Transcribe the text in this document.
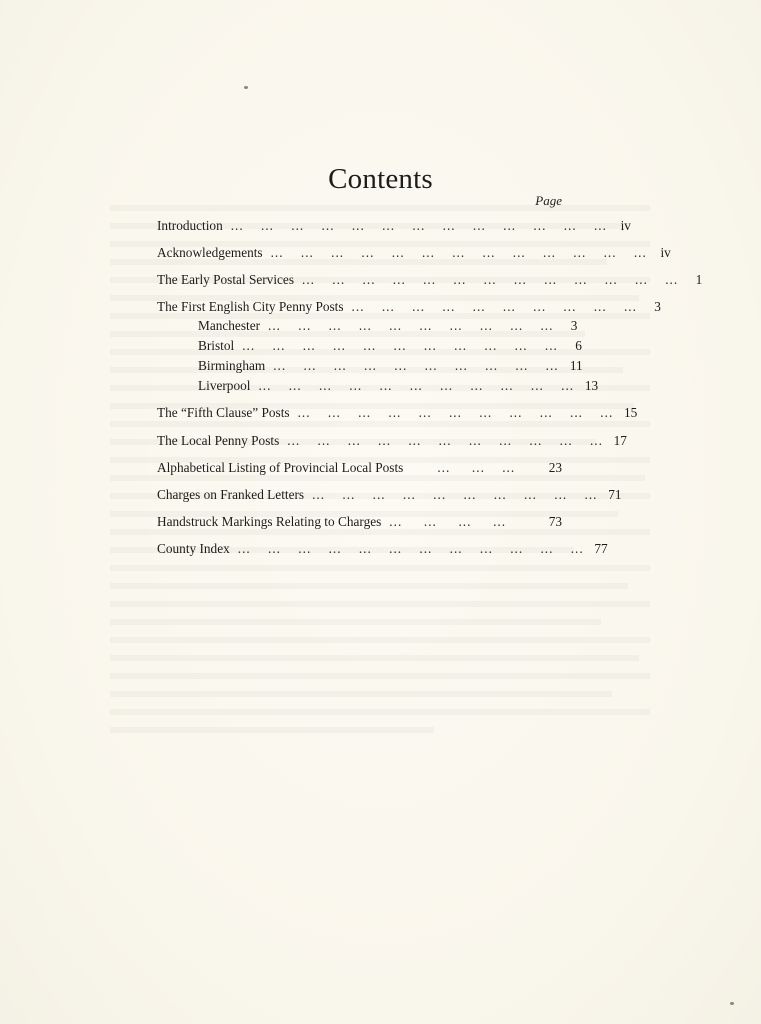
Contents
Page
Introduction ...    ...    ...    ...    ...    ...    ...    ...    ...    ...    ...    ...    ...	iv
Acknowledgements ...    ...    ...    ...    ...    ...    ...    ...    ...    ...    ...    ...    ...	iv
The Early Postal Services ...    ...    ...    ...    ...    ...    ...    ...    ...    ...    ...    ...    ...	1
The First English City Penny Posts ...    ...    ...    ...    ...    ...    ...    ...    ...    ...	3
Manchester ...    ...    ...    ...    ...    ...    ...    ...    ...    ...	3
Bristol ...    ...    ...    ...    ...    ...    ...    ...    ...    ...    ...	6
Birmingham ...    ...    ...    ...    ...    ...    ...    ...    ...    ... 11
Liverpool ...    ...    ...    ...    ...    ...    ...    ...    ...    ...    ... 13
The “Fifth Clause” Posts ...    ...    ...    ...    ...    ...    ...    ...    ...    ...    ... 15
The Local Penny Posts ...    ...    ...    ...    ...    ...    ...    ...    ...    ...    ... 17
Alphabetical Listing of Provincial Local Posts	...     ...    ...	23
Charges on Franked Letters ...    ...    ...    ...    ...    ...    ...    ...    ...    ... 71
Handstruck Markings Relating to Charges ...     ...     ...     ...	73
County Index ...    ...    ...    ...    ...    ...    ...    ...    ...    ...    ...    ... 77
